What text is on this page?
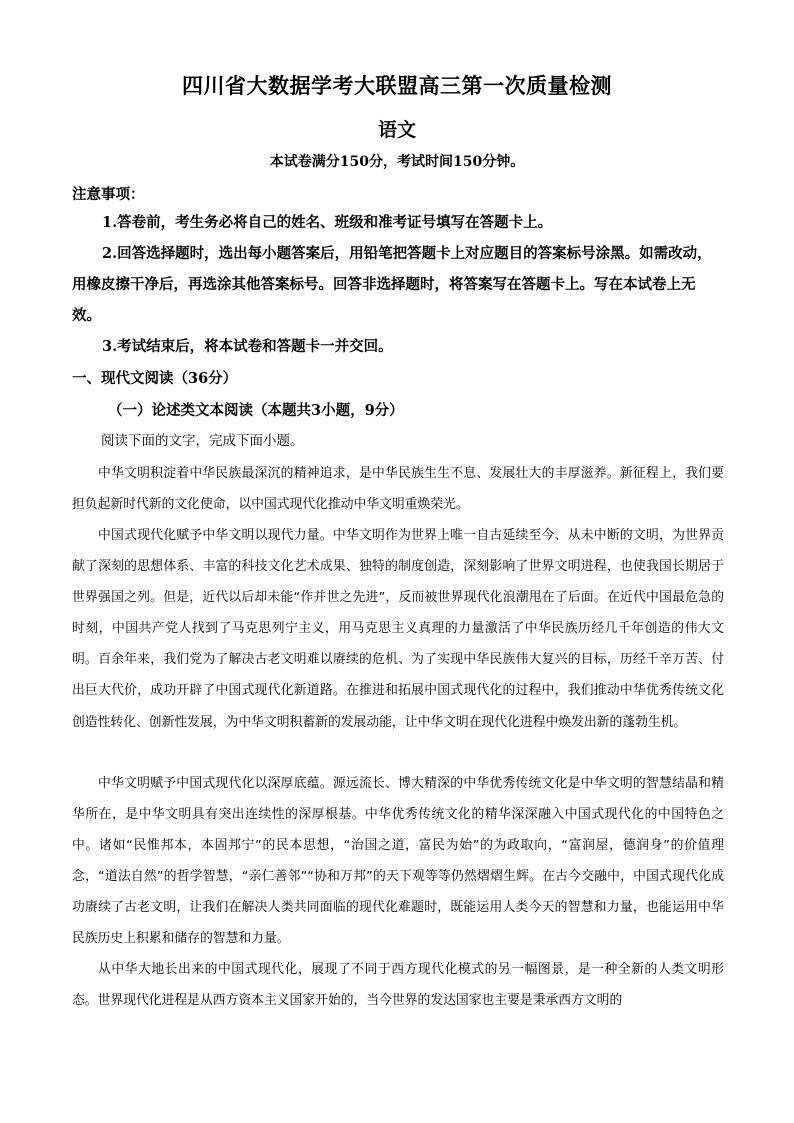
四川省大数据学考大联盟高三第一次质量检测
语文
本试卷满分150分，考试时间150分钟。
注意事项：
1.答卷前，考生务必将自己的姓名、班级和准考证号填写在答题卡上。
2.回答选择题时，选出每小题答案后，用铅笔把答题卡上对应题目的答案标号涂黑。如需改动，用橡皮擦干净后，再选涂其他答案标号。回答非选择题时，将答案写在答题卡上。写在本试卷上无效。
3.考试结束后，将本试卷和答题卡一并交回。
一、现代文阅读（36分）
（一）论述类文本阅读（本题共3小题，9分）
阅读下面的文字，完成下面小题。
中华文明积淀着中华民族最深沉的精神追求，是中华民族生生不息、发展壮大的丰厚滋养。新征程上，我们要担负起新时代新的文化使命，以中国式现代化推动中华文明重焕荣光。
中国式现代化赋予中华文明以现代力量。中华文明作为世界上唯一自古延续至今、从未中断的文明，为世界贡献了深刻的思想体系、丰富的科技文化艺术成果、独特的制度创造，深刻影响了世界文明进程，也使我国长期居于世界强国之列。但是，近代以后却未能“作并世之先进”，反而被世界现代化浪潮甩在了后面。在近代中国最危急的时刻，中国共产党人找到了马克思列宁主义，用马克思主义真理的力量激活了中华民族历经几千年创造的伟大文明。百余年来，我们党为了解决古老文明难以赓续的危机、为了实现中华民族伟大复兴的目标，历经千辛万苦、付出巨大代价，成功开辟了中国式现代化新道路。在推进和拓展中国式现代化的过程中，我们推动中华优秀传统文化创造性转化、创新性发展，为中华文明积蓄新的发展动能，让中华文明在现代化进程中焕发出新的蓬勃生机。
中华文明赋予中国式现代化以深厚底蕴。源远流长、博大精深的中华优秀传统文化是中华文明的智慧结晶和精华所在，是中华文明具有突出连续性的深厚根基。中华优秀传统文化的精华深深融入中国式现代化的中国特色之中。诸如“民惟邦本，本固邦宁”的民本思想，“治国之道，富民为始”的为政取向，“富润屋，德润身”的价值理念，“道法自然”的哲学智慧，“亲仁善邻”“协和万邦”的天下观等等仍然熠熠生辉。在古今交融中，中国式现代化成功赓续了古老文明，让我们在解决人类共同面临的现代化难题时，既能运用人类今天的智慧和力量，也能运用中华民族历史上积累和储存的智慧和力量。
从中华大地长出来的中国式现代化，展现了不同于西方现代化模式的另一幅图景，是一种全新的人类文明形态。世界现代化进程是从西方资本主义国家开始的，当今世界的发达国家也主要是秉承西方文明的
